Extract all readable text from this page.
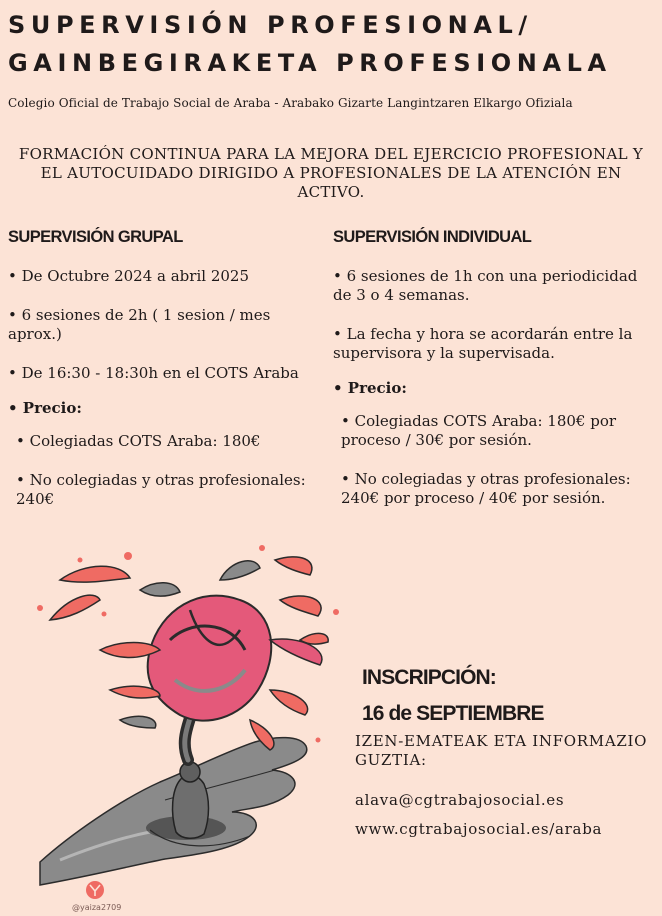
SUPERVISIÓN PROFESIONAL/
GAINBEGIRAKETA PROFESIONALA
Colegio Oficial de Trabajo Social de Araba - Arabako Gizarte Langintzaren Elkargo Ofiziala
FORMACIÓN CONTINUA PARA LA MEJORA DEL EJERCICIO PROFESIONAL Y EL AUTOCUIDADO DIRIGIDO A PROFESIONALES DE LA ATENCIÓN EN ACTIVO.
SUPERVISIÓN GRUPAL
• De Octubre 2024 a abril 2025
• 6 sesiones de 2h ( 1 sesion / mes aprox.)
• De 16:30 - 18:30h en el COTS Araba
• Precio:
• Colegiadas COTS Araba: 180€
• No colegiadas y otras profesionales: 240€
SUPERVISIÓN INDIVIDUAL
• 6 sesiones de 1h con una periodicidad de 3 o 4 semanas.
• La fecha y hora se acordarán entre la supervisora y la supervisada.
• Precio:
• Colegiadas COTS Araba: 180€ por proceso / 30€ por sesión.
• No colegiadas y otras profesionales: 240€ por proceso / 40€ por sesión.
@yaiza2709
INSCRIPCIÓN:
16 de SEPTIEMBRE
IZEN-EMATEAK ETA INFORMAZIO GUZTIA:
alava@cgtrabajosocial.es
www.cgtrabajosocial.es/araba
